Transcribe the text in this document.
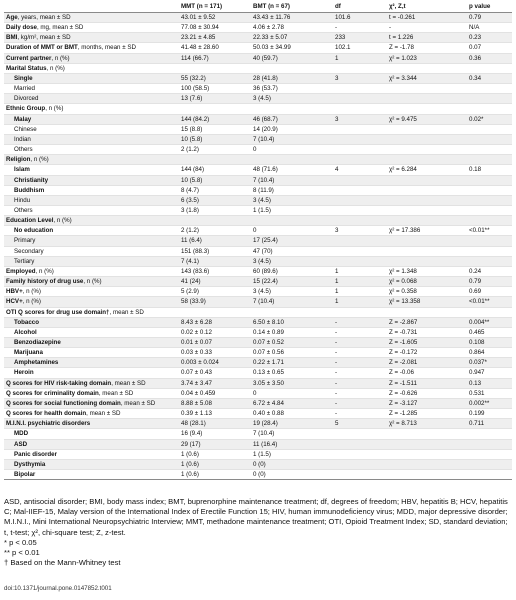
	MMT (n = 171)	BMT (n = 67)	df	χ², Z,t	p value
Age, years, mean ± SD	43.01 ± 9.52	43.43 ± 11.76	101.6	t = -0.261	0.79
Daily dose, mg, mean ± SD	77.08 ± 30.94	4.06 ± 2.78	-	-	N/A
BMI, kg/m², mean ± SD	23.21 ± 4.85	22.33 ± 5.07	233	t = 1.226	0.23
Duration of MMT or BMT, months, mean ± SD	41.48 ± 28.60	50.03 ± 34.99	102.1	Z = -1.78	0.07
Current partner, n (%)	114 (66.7)	40 (59.7)	1	χ² = 1.023	0.36
Marital Status, n (%)					
Single	55 (32.2)	28 (41.8)	3	χ² = 3.344	0.34
Married	100 (58.5)	36 (53.7)			
Divorced	13 (7.6)	3 (4.5)			
Ethnic Group, n (%)					
Malay	144 (84.2)	46 (68.7)	3	χ² = 9.475	0.02*
Chinese	15 (8.8)	14 (20.9)			
Indian	10 (5.8)	7 (10.4)			
Others	2 (1.2)	0			
Religion, n (%)					
Islam	144 (84)	48 (71.6)	4	χ² = 6.284	0.18
Christianity	10 (5.8)	7 (10.4)			
Buddhism	8 (4.7)	8 (11.9)			
Hindu	6 (3.5)	3 (4.5)			
Others	3 (1.8)	1 (1.5)			
Education Level, n (%)					
No education	2 (1.2)	0	3	χ² = 17.386	<0.01**
Primary	11 (6.4)	17 (25.4)			
Secondary	151 (88.3)	47 (70)			
Tertiary	7 (4.1)	3 (4.5)			
Employed, n (%)	143 (83.6)	60 (89.6)	1	χ² = 1.348	0.24
Family history of drug use, n (%)	41 (24)	15 (22.4)	1	χ² = 0.068	0.79
HBV+, n (%)	5 (2.9)	3 (4.5)	1	χ² = 0.358	0.69
HCV+, n (%)	58 (33.9)	7 (10.4)	1	χ² = 13.358	<0.01**
OTI Q scores for drug use domain†, mean ± SD					
Tobacco	8.43 ± 6.28	6.50 ± 8.10	-	Z = -2.867	0.004**
Alcohol	0.02 ± 0.12	0.14 ± 0.89	-	Z = -0.731	0.465
Benzodiazepine	0.01 ± 0.07	0.07 ± 0.52	-	Z = -1.605	0.108
Marijuana	0.03 ± 0.33	0.07 ± 0.56	-	Z = -0.172	0.864
Amphetamines	0.003 ± 0.024	0.22 ± 1.71	-	Z = -2.081	0.037*
Heroin	0.07 ± 0.43	0.13 ± 0.65	-	Z = -0.06	0.947
Q scores for HIV risk-taking domain, mean ± SD	3.74 ± 3.47	3.05 ± 3.50	-	Z = -1.511	0.13
Q scores for criminality domain, mean ± SD	0.04 ± 0.459	0	-	Z = -0.626	0.531
Q scores for social functioning domain, mean ± SD	8.88 ± 5.08	6.72 ± 4.84	-	Z = -3.127	0.002**
Q scores for health domain, mean ± SD	0.39 ± 1.13	0.40 ± 0.88	-	Z = -1.285	0.199
M.I.N.I. psychiatric disorders	48 (28.1)	19 (28.4)	5	χ² = 8.713	0.711
MDD	16 (9.4)	7 (10.4)			
ASD	29 (17)	11 (16.4)			
Panic disorder	1 (0.6)	1 (1.5)			
Dysthymia	1 (0.6)	0 (0)			
Bipolar	1 (0.6)	0 (0)			

ASD, antisocial disorder; BMI, body mass index; BMT, buprenorphine maintenance treatment; df, degrees of freedom; HBV, hepatitis B; HCV, hepatitis C; Mal-IIEF-15, Malay version of the International Index of Erectile Function 15; HIV, human immunodeficiency virus; MDD, major depressive disorder; M.I.N.I., Mini International Neuropsychiatric Interview; MMT, methadone maintenance treatment; OTI, Opioid Treatment Index; SD, standard deviation; t, t-test; χ², chi-square test; Z, z-test.

* p < 0.05

** p < 0.01

† Based on the Mann-Whitney test

doi:10.1371/journal.pone.0147852.t001
